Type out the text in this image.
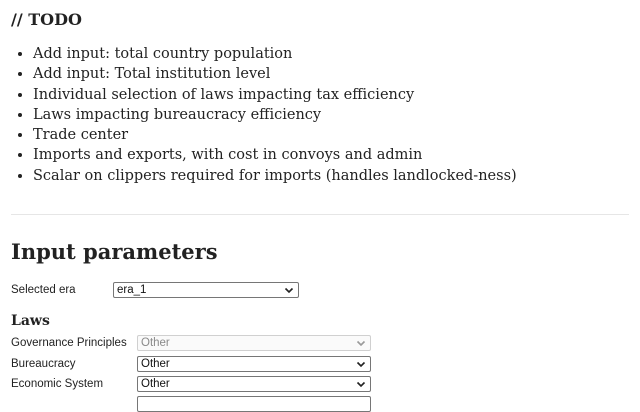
// TODO
• Add input: total country population
• Add input: Total institution level
• Individual selection of laws impacting tax efficiency
• Laws impacting bureaucracy efficiency
• Trade center
• Imports and exports, with cost in convoys and admin
• Scalar on clippers required for imports (handles landlocked-ness)
Input parameters
Selected era	era_1
Laws
Governance Principles	Other
Bureaucracy	Other
Economic System	Other
